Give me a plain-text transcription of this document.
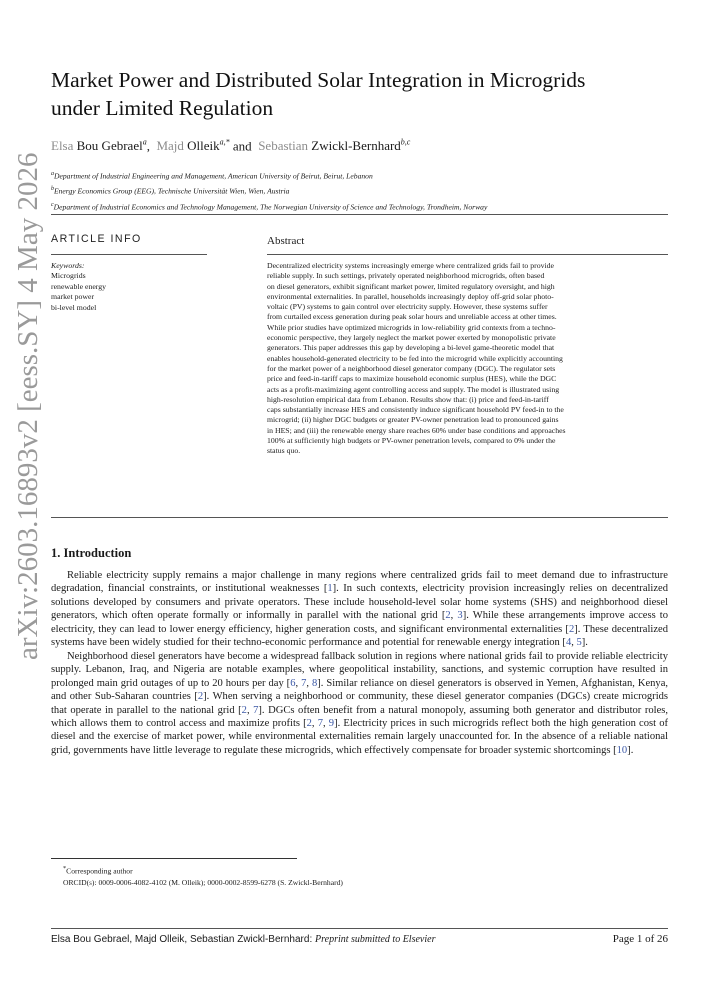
arXiv:2603.16893v2 [eess.SY] 4 May 2026
Market Power and Distributed Solar Integration in Microgrids
under Limited Regulation
Elsa Bou Gebrael$^a$, Majd Olleik$^{a,*}$ and Sebastian Zwickl-Bernhard$^{b,c}$
$^a$Department of Industrial Engineering and Management, American University of Beirut, Beirut, Lebanon
$^b$Energy Economics Group (EEG), Technische Universität Wien, Wien, Austria
$^c$Department of Industrial Economics and Technology Management, The Norwegian University of Science and Technology, Trondheim, Norway
ARTICLE INFO	Abstract
Keywords:
Microgrids
renewable energy
market power
bi-level model
Decentralized electricity systems increasingly emerge where centralized grids fail to provide
reliable supply. In such settings, privately operated neighborhood microgrids, often based
on diesel generators, exhibit significant market power, limited regulatory oversight, and high
environmental externalities. In parallel, households increasingly deploy off-grid solar photo-
voltaic (PV) systems to gain control over electricity supply. However, these systems suffer
from curtailed excess generation during peak solar hours and unreliable access at other times.
While prior studies have optimized microgrids in low-reliability grid contexts from a techno-
economic perspective, they largely neglect the market power exerted by monopolistic private
generators. This paper addresses this gap by developing a bi-level game-theoretic model that
enables household-generated electricity to be fed into the microgrid while explicitly accounting
for the market power of a neighborhood diesel generator company (DGC). The regulator sets
price and feed-in-tariff caps to maximize household economic surplus (HES), while the DGC
acts as a profit-maximizing agent controlling access and supply. The model is illustrated using
high-resolution empirical data from Lebanon. Results show that: (i) price and feed-in-tariff
caps substantially increase HES and consistently induce significant household PV feed-in to the
microgrid; (ii) higher DGC budgets or greater PV-owner penetration lead to pronounced gains
in HES; and (iii) the renewable energy share reaches 60% under base conditions and approaches
100% at sufficiently high budgets or PV-owner penetration levels, compared to 0% under the
status quo.
1. Introduction

Reliable electricity supply remains a major challenge in many regions where centralized grids fail to meet demand due to infrastructure degradation, financial constraints, or institutional weaknesses [1]. In such contexts, electricity provision increasingly relies on decentralized solutions developed by consumers and private operators. These include household-level solar home systems (SHS) and neighborhood diesel generators, which often operate formally or informally in parallel with the national grid [2, 3]. While these arrangements improve access to electricity, they can lead to lower energy efficiency, higher generation costs, and significant environmental externalities [2]. These decentralized systems have been widely studied for their techno-economic performance and potential for renewable energy integration [4, 5].

Neighborhood diesel generators have become a widespread fallback solution in regions where national grids fail to provide reliable electricity supply. Lebanon, Iraq, and Nigeria are notable examples, where geopolitical instability, sanctions, and systemic corruption have resulted in prolonged main grid outages of up to 20 hours per day [6, 7, 8]. Similar reliance on diesel generators is observed in Yemen, Afghanistan, Kenya, and other Sub-Saharan countries [2]. When serving a neighborhood or community, these diesel generator companies (DGCs) create microgrids that operate in parallel to the national grid [2, 7]. DGCs often benefit from a natural monopoly, assuming both generator and distributor roles, which allows them to control access and maximize profits [2, 7, 9]. Electricity prices in such microgrids reflect both the high generation cost of diesel and the exercise of market power, while environmental externalities remain largely unaccounted for. In the absence of a reliable national grid, governments have little leverage to regulate these microgrids, which effectively compensate for broader systemic shortcomings [10].

*Corresponding author
ORCID(s): 0009-0006-4082-4102 (M. Olleik); 0000-0002-8599-6278 (S. Zwickl-Bernhard)
Elsa Bou Gebrael, Majd Olleik, Sebastian Zwickl-Bernhard: Preprint submitted to Elsevier	Page 1 of 26
